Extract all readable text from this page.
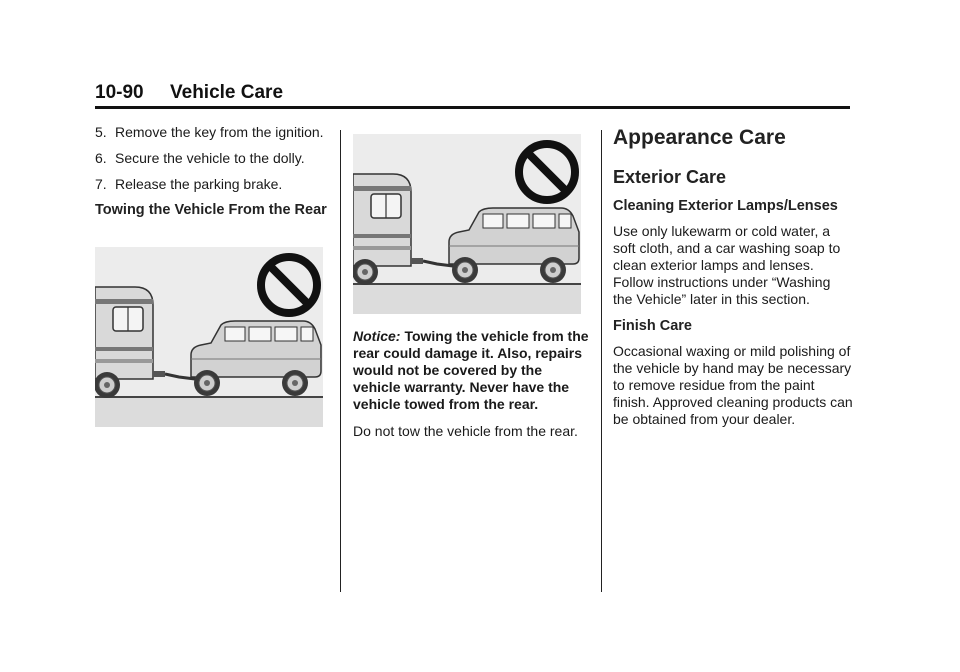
10-90 Vehicle Care
5. Remove the key from the ignition.
6. Secure the vehicle to the dolly.
7. Release the parking brake.
Towing the Vehicle From the Rear

Notice: Towing the vehicle from the rear could damage it. Also, repairs would not be covered by the vehicle warranty. Never have the vehicle towed from the rear.

Do not tow the vehicle from the rear.

Appearance Care
Exterior Care
Cleaning Exterior Lamps/Lenses

Use only lukewarm or cold water, a soft cloth, and a car washing soap to clean exterior lamps and lenses. Follow instructions under “Washing the Vehicle” later in this section.

Finish Care

Occasional waxing or mild polishing of the vehicle by hand may be necessary to remove residue from the paint finish. Approved cleaning products can be obtained from your dealer.
